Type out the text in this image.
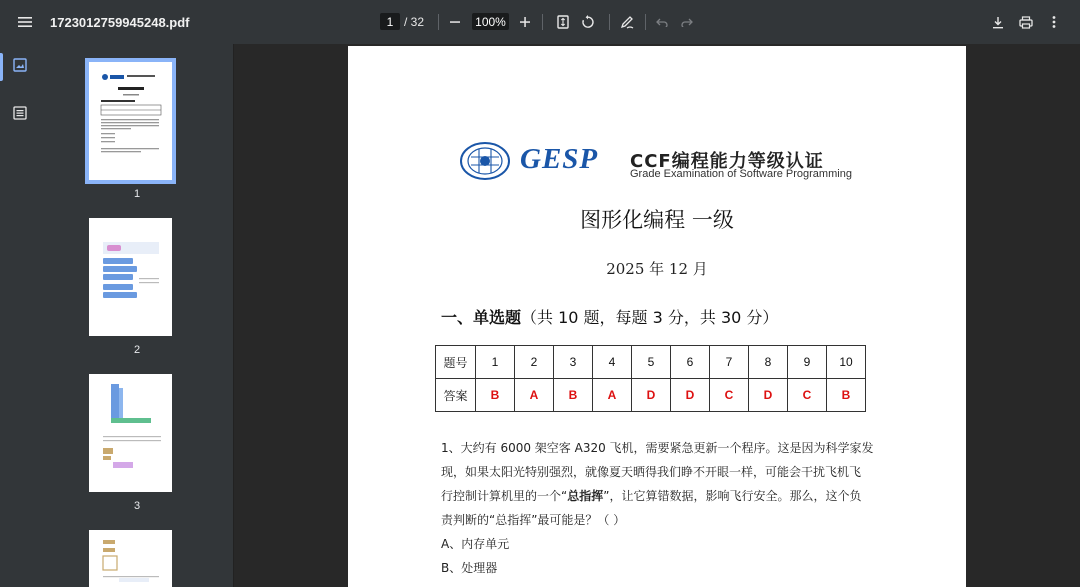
1723012759945248.pdf	1 / 32	100%
1
2
3
GESP CCF编程能力等级认证
Grade Examination of Software Programming
图形化编程 一级
2025 年 12 月
一、单选题（共 10 题，每题 3 分，共 30 分）
题号	1	2	3	4	5	6	7	8	9	10
答案	B	A	B	A	D	D	C	D	C	B
1、大约有 6000 架空客 A320 飞机，需要紧急更新一个程序。这是因为科学家发
现，如果太阳光特别强烈，就像夏天晒得我们睁不开眼一样，可能会干扰飞机飞
行控制计算机里的一个“总指挥”，让它算错数据，影响飞行安全。那么，这个负
责判断的“总指挥”最可能是？（ ）
A、内存单元
B、处理器
